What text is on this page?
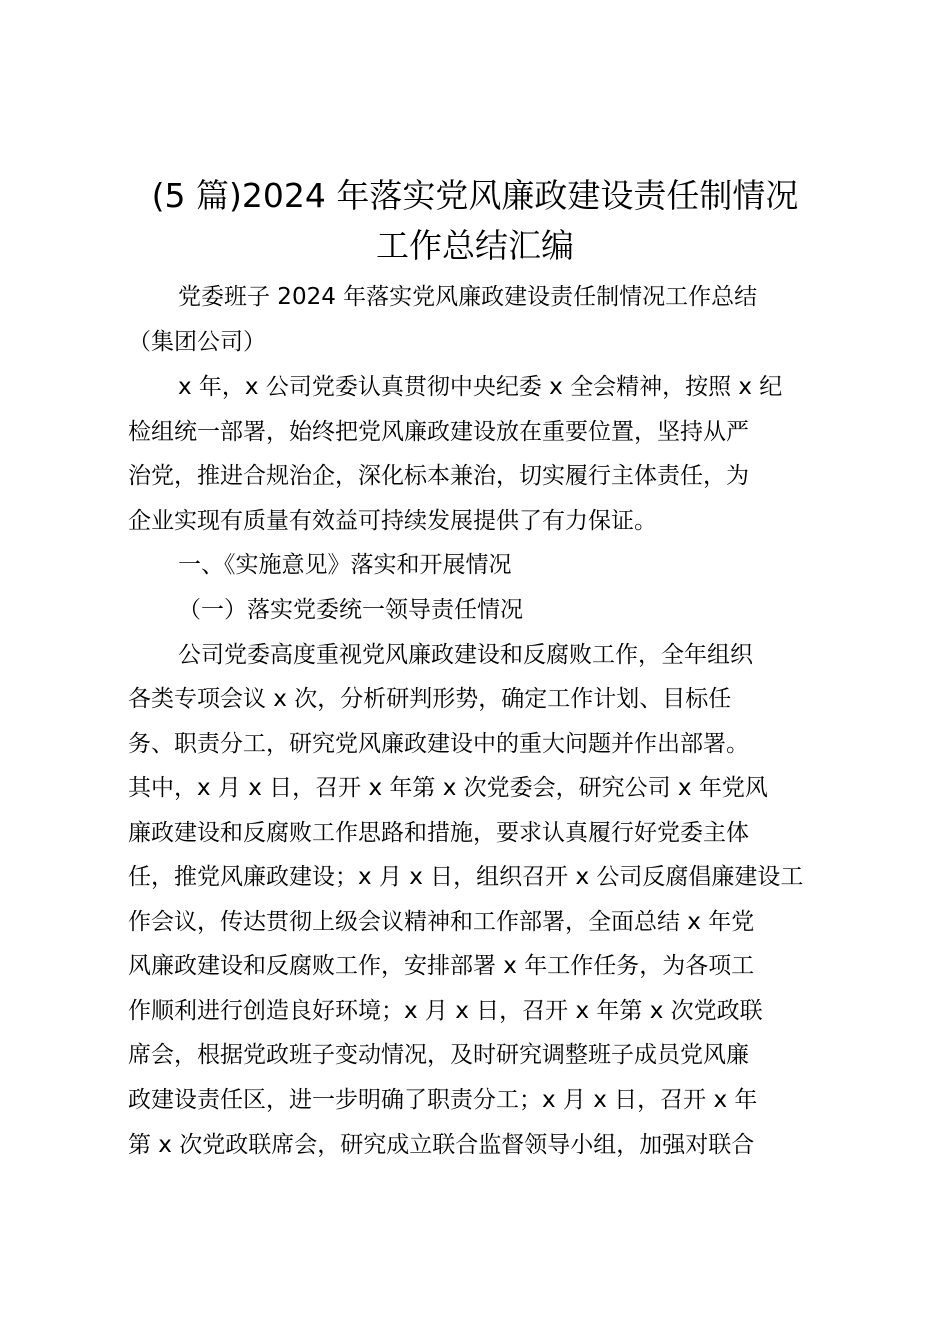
(5 篇)2024 年落实党风廉政建设责任制情况
工作总结汇编
党委班子 2024 年落实党风廉政建设责任制情况工作总结
（集团公司）
x 年，x 公司党委认真贯彻中央纪委 x 全会精神，按照 x 纪
检组统一部署，始终把党风廉政建设放在重要位置，坚持从严
治党，推进合规治企，深化标本兼治，切实履行主体责任，为
企业实现有质量有效益可持续发展提供了有力保证。
一、《实施意见》落实和开展情况
（一）落实党委统一领导责任情况
公司党委高度重视党风廉政建设和反腐败工作，全年组织
各类专项会议 x 次，分析研判形势，确定工作计划、目标任
务、职责分工，研究党风廉政建设中的重大问题并作出部署。
其中，x 月 x 日，召开 x 年第 x 次党委会，研究公司 x 年党风
廉政建设和反腐败工作思路和措施，要求认真履行好党委主体
任，推党风廉政建设；x 月 x 日，组织召开 x 公司反腐倡廉建设工
作会议，传达贯彻上级会议精神和工作部署，全面总结 x 年党
风廉政建设和反腐败工作，安排部署 x 年工作任务，为各项工
作顺利进行创造良好环境；x 月 x 日，召开 x 年第 x 次党政联
席会，根据党政班子变动情况，及时研究调整班子成员党风廉
政建设责任区，进一步明确了职责分工；x 月 x 日，召开 x 年
第 x 次党政联席会，研究成立联合监督领导小组，加强对联合
